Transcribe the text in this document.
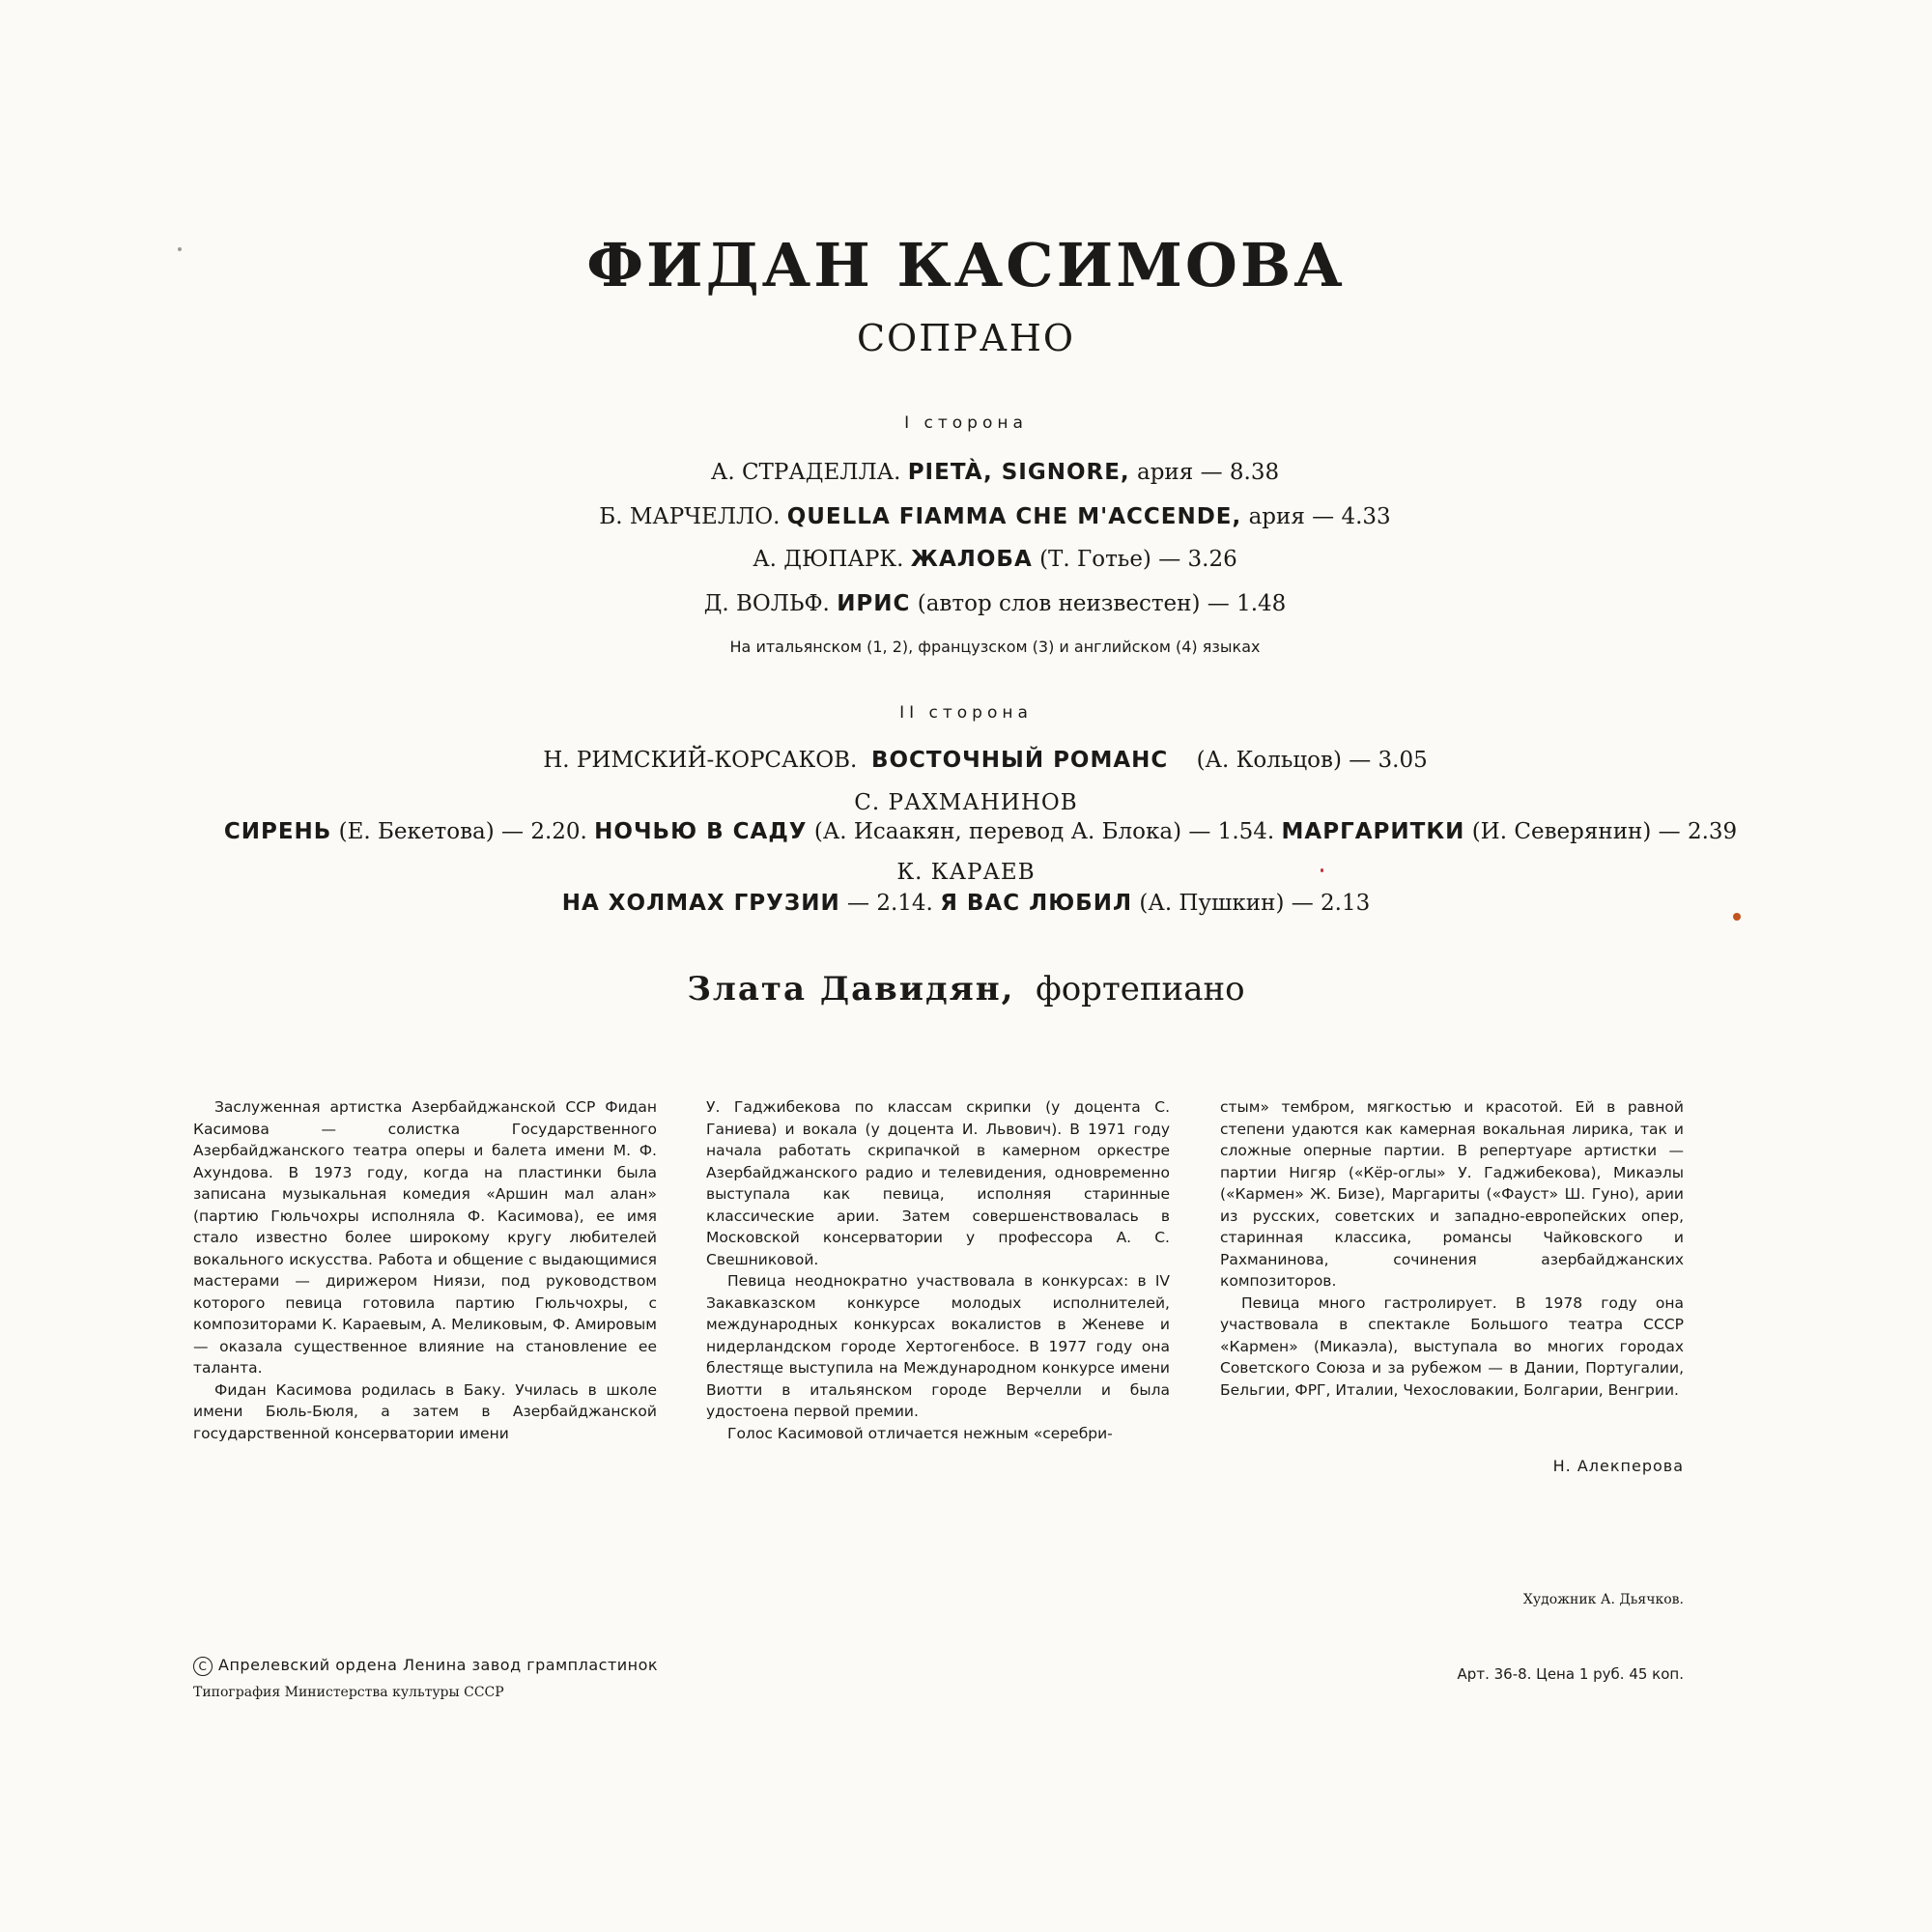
ФИДАН КАСИМОВА
СОПРАНО
I сторона
А. СТРАДЕЛЛА. PIETÀ, SIGNORE, ария — 8.38
Б. МАРЧЕЛЛО. QUELLA FIAMMA CHE M'ACCENDE, ария — 4.33
А. ДЮПАРК. ЖАЛОБА (Т. Готье) — 3.26
Д. ВОЛЬФ. ИРИС (автор слов неизвестен) — 1.48
На итальянском (1, 2), французском (3) и английском (4) языках
II сторона
Н. РИМСКИЙ-КОРСАКОВ. ВОСТОЧНЫЙ РОМАНС (А. Кольцов) — 3.05
С. РАХМАНИНОВ
СИРЕНЬ (Е. Бекетова) — 2.20. НОЧЬЮ В САДУ (А. Исаакян, перевод А. Блока) — 1.54. МАРГАРИТКИ (И. Северянин) — 2.39
К. КАРАЕВ
НА ХОЛМАХ ГРУЗИИ — 2.14. Я ВАС ЛЮБИЛ (А. Пушкин) — 2.13
Злата Давидян, фортепиано

Заслуженная артистка Азербайджанской ССР Фидан Касимова — солистка Государственного Азербайджанского театра оперы и балета имени М. Ф. Ахундова. В 1973 году, когда на пластинки была записана музыкальная комедия «Аршин мал алан» (партию Гюльчохры исполняла Ф. Касимова), ее имя стало известно более широкому кругу любителей вокального искусства. Работа и общение с выдающимися мастерами — дирижером Ниязи, под руководством которого певица готовила партию Гюльчохры, с композиторами К. Караевым, А. Меликовым, Ф. Амировым — оказала существенное влияние на становление ее таланта.

Фидан Касимова родилась в Баку. Училась в школе имени Бюль-Бюля, а затем в Азербайджанской государственной консерватории имени

У. Гаджибекова по классам скрипки (у доцента С. Ганиева) и вокала (у доцента И. Львович). В 1971 году начала работать скрипачкой в камерном оркестре Азербайджанского радио и телевидения, одновременно выступала как певица, исполняя старинные классические арии. Затем совершенствовалась в Московской консерватории у профессора А. С. Свешниковой.

Певица неоднократно участвовала в конкурсах: в IV Закавказском конкурсе молодых исполнителей, международных конкурсах вокалистов в Женеве и нидерландском городе Хертогенбосе. В 1977 году она блестяще выступила на Международном конкурсе имени Виотти в итальянском городе Верчелли и была удостоена первой премии.

Голос Касимовой отличается нежным «серебри-

стым» тембром, мягкостью и красотой. Ей в равной степени удаются как камерная вокальная лирика, так и сложные оперные партии. В репертуаре артистки — партии Нигяр («Кёр-оглы» У. Гаджибекова), Микаэлы («Кармен» Ж. Бизе), Маргариты («Фауст» Ш. Гуно), арии из русских, советских и западно-европейских опер, старинная классика, романсы Чайковского и Рахманинова, сочинения азербайджанских композиторов.

Певица много гастролирует. В 1978 году она участвовала в спектакле Большого театра СССР «Кармен» (Микаэла), выступала во многих городах Советского Союза и за рубежом — в Дании, Португалии, Бельгии, ФРГ, Италии, Чехословакии, Болгарии, Венгрии.

Н. Алекперова
Художник А. Дьячков.
C Апрелевский ордена Ленина завод грампластинок
Типография Министерства культуры СССР
Арт. 36-8. Цена 1 руб. 45 коп.
